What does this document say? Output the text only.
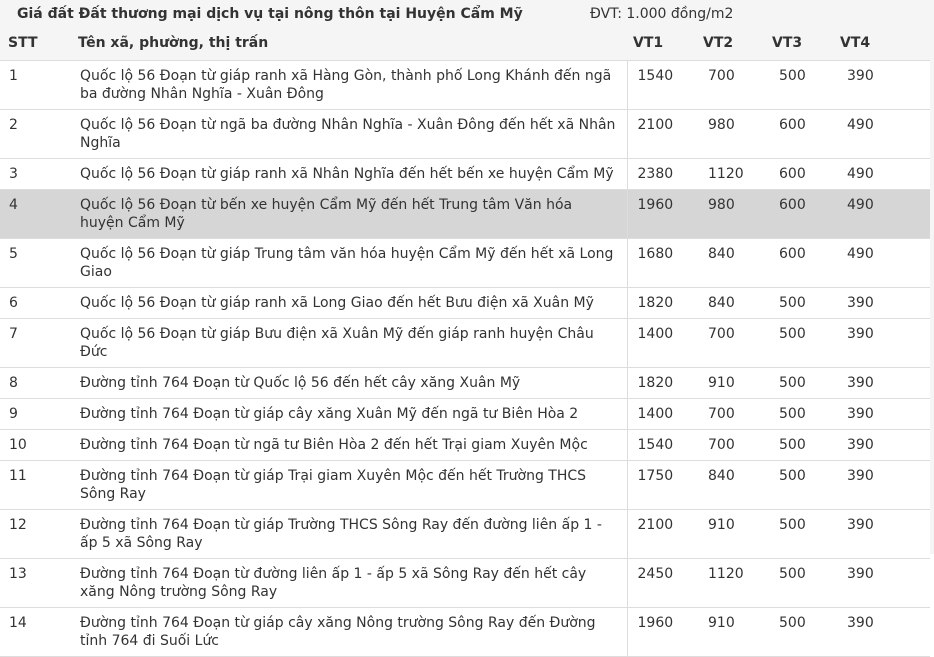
Giá đất Đất thương mại dịch vụ tại nông thôn tại Huyện Cẩm Mỹ	ĐVT: 1.000 đồng/m2
STT	Tên xã, phường, thị trấn	VT1	VT2	VT3	VT4
1	Quốc lộ 56 Đoạn từ giáp ranh xã Hàng Gòn, thành phố Long Khánh đến ngã ba đường Nhân Nghĩa - Xuân Đông	1540	700	500	390
2	Quốc lộ 56 Đoạn từ ngã ba đường Nhân Nghĩa - Xuân Đông đến hết xã Nhân Nghĩa	2100	980	600	490
3	Quốc lộ 56 Đoạn từ giáp ranh xã Nhân Nghĩa đến hết bến xe huyện Cẩm Mỹ	2380	1120	600	490
4	Quốc lộ 56 Đoạn từ bến xe huyện Cẩm Mỹ đến hết Trung tâm Văn hóa huyện Cẩm Mỹ	1960	980	600	490
5	Quốc lộ 56 Đoạn từ giáp Trung tâm văn hóa huyện Cẩm Mỹ đến hết xã Long Giao	1680	840	600	490
6	Quốc lộ 56 Đoạn từ giáp ranh xã Long Giao đến hết Bưu điện xã Xuân Mỹ	1820	840	500	390
7	Quốc lộ 56 Đoạn từ giáp Bưu điện xã Xuân Mỹ đến giáp ranh huyện Châu Đức	1400	700	500	390
8	Đường tỉnh 764 Đoạn từ Quốc lộ 56 đến hết cây xăng Xuân Mỹ	1820	910	500	390
9	Đường tỉnh 764 Đoạn từ giáp cây xăng Xuân Mỹ đến ngã tư Biên Hòa 2	1400	700	500	390
10	Đường tỉnh 764 Đoạn từ ngã tư Biên Hòa 2 đến hết Trại giam Xuyên Mộc	1540	700	500	390
11	Đường tỉnh 764 Đoạn từ giáp Trại giam Xuyên Mộc đến hết Trường THCS Sông Ray	1750	840	500	390
12	Đường tỉnh 764 Đoạn từ giáp Trường THCS Sông Ray đến đường liên ấp 1 - ấp 5 xã Sông Ray	2100	910	500	390
13	Đường tỉnh 764 Đoạn từ đường liên ấp 1 - ấp 5 xã Sông Ray đến hết cây xăng Nông trường Sông Ray	2450	1120	500	390
14	Đường tỉnh 764 Đoạn từ giáp cây xăng Nông trường Sông Ray đến Đường tỉnh 764 đi Suối Lức	1960	910	500	390
